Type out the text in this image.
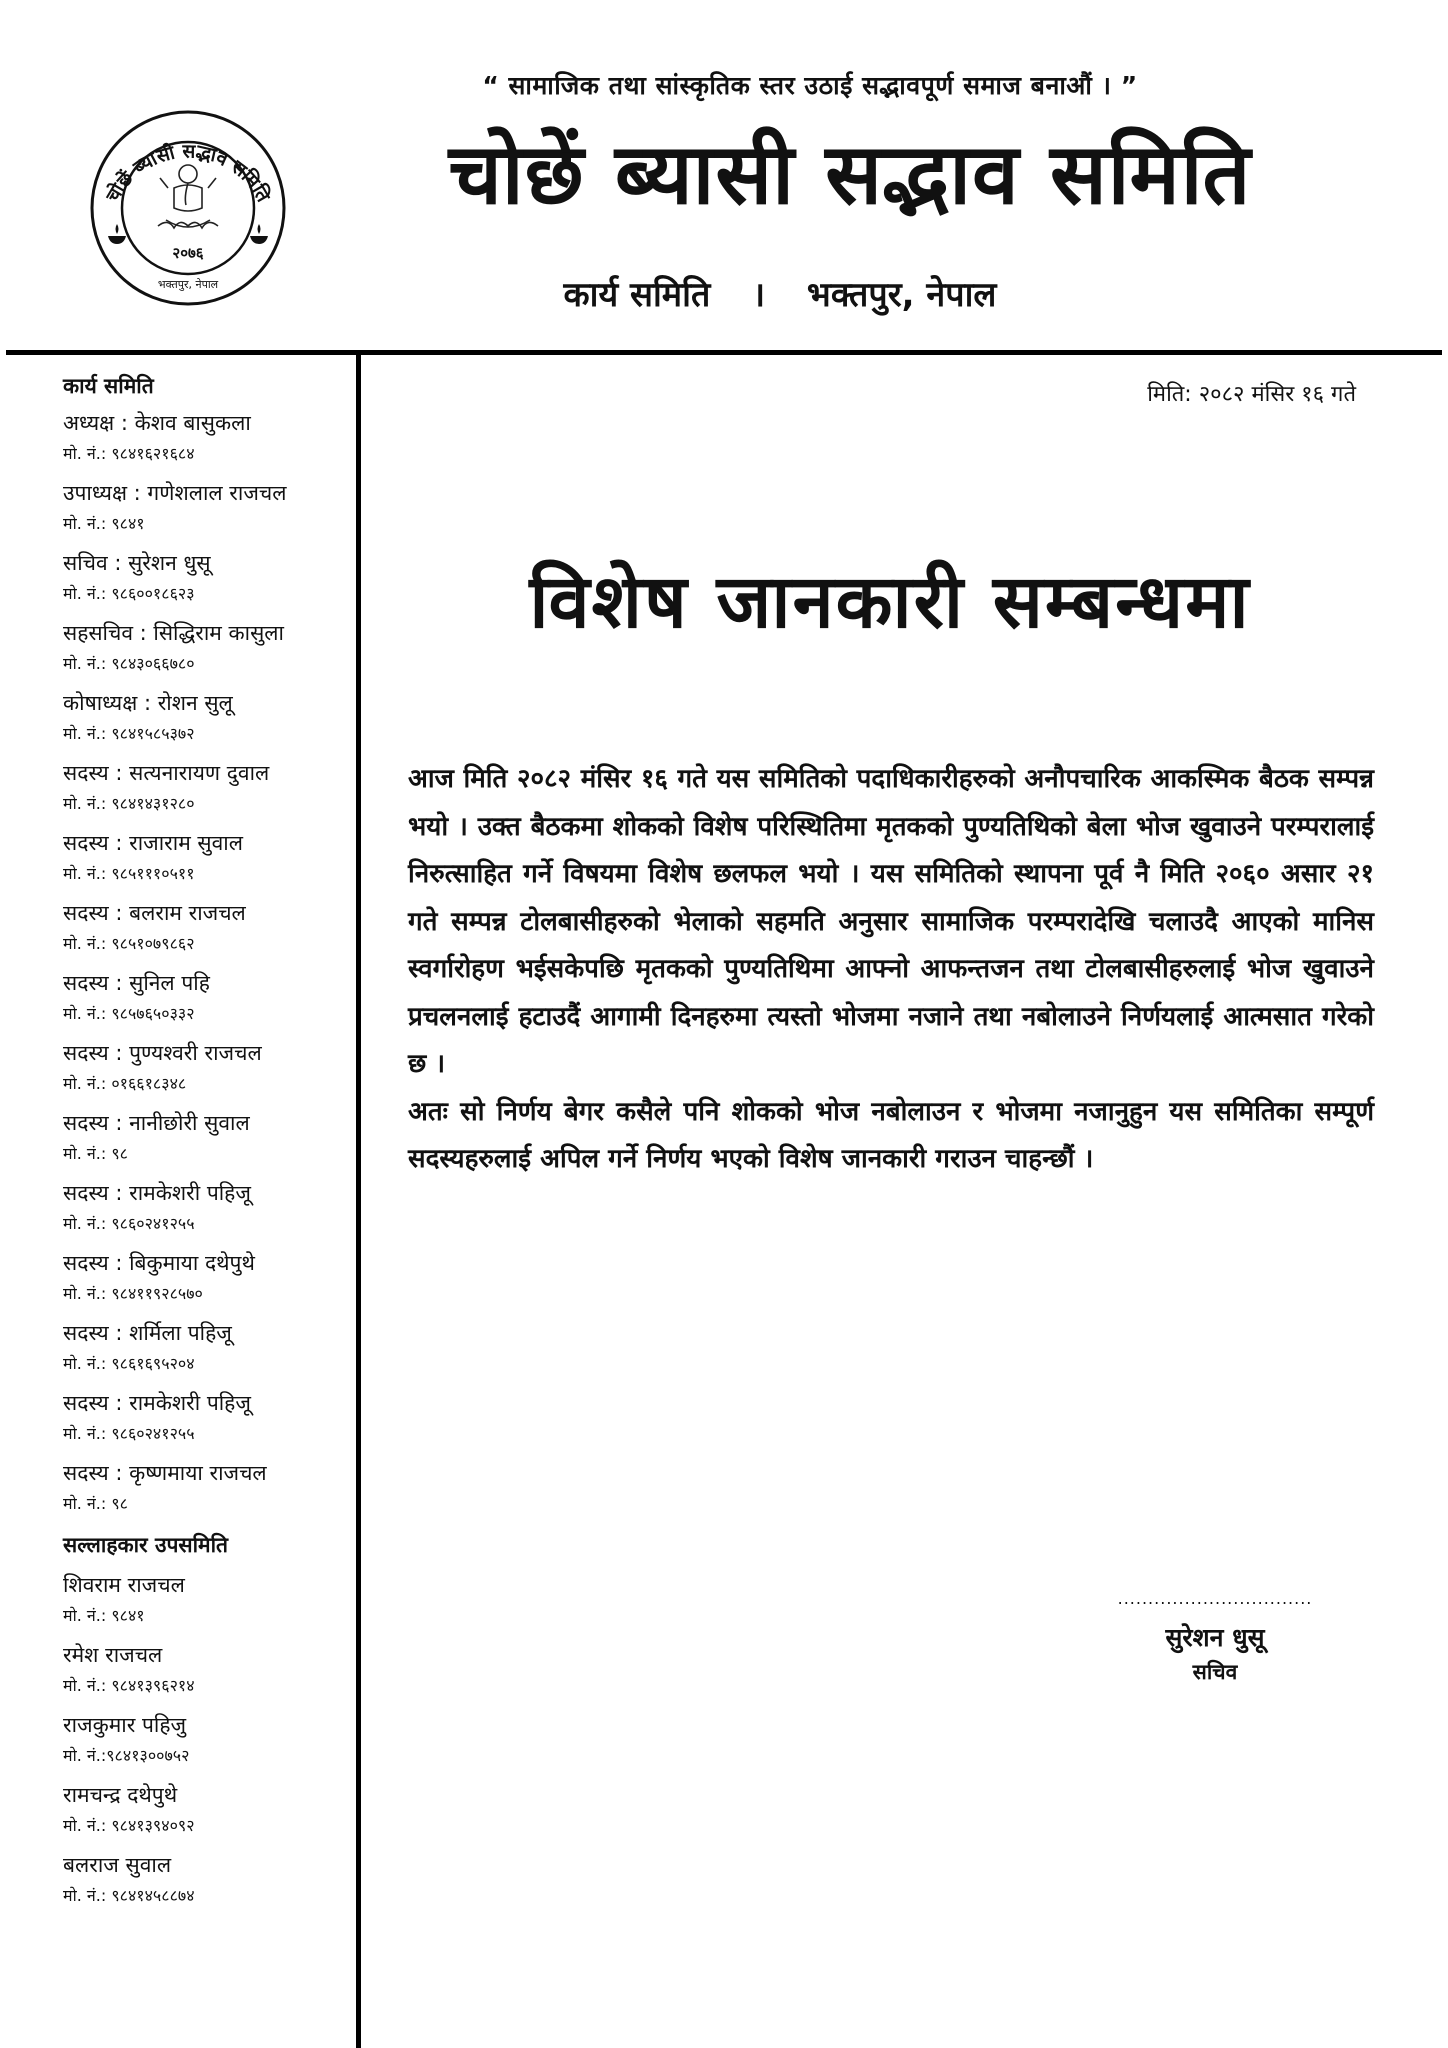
“ सामाजिक तथा सांस्कृतिक स्तर उठाई सद्भावपूर्ण समाज बनाऔं । ”
चोछें ब्यासी सद्भाव समिति
कार्य समिति । भक्तपुर, नेपाल
चोछें ब्यासी सद्भाव समिति
२०७६
भक्तपुर, नेपाल
कार्य समिति
अध्यक्ष : केशव बासुकला
मो. नं.: ९८४१६२१६८४
उपाध्यक्ष : गणेशलाल राजचल
मो. नं.: ९८४१
सचिव : सुरेशन धुसू
मो. नं.: ९८६००१८६२३
सहसचिव : सिद्धिराम कासुला
मो. नं.: ९८४३०६६७८०
कोषाध्यक्ष : रोशन सुलू
मो. नं.: ९८४१५८५३७२
सदस्य : सत्यनारायण दुवाल
मो. नं.: ९८४१४३१२८०
सदस्य : राजाराम सुवाल
मो. नं.: ९८५१११०५११
सदस्य : बलराम राजचल
मो. नं.: ९८५१०७९८६२
सदस्य : सुनिल पहि
मो. नं.: ९८५७६५०३३२
सदस्य : पुण्यश्वरी राजचल
मो. नं.: ०१६६१८३४८
सदस्य : नानीछोरी सुवाल
मो. नं.: ९८
सदस्य : रामकेशरी पहिजू
मो. नं.: ९८६०२४१२५५
सदस्य : बिकुमाया दथेपुथे
मो. नं.: ९८४११९२८५७०
सदस्य : शर्मिला पहिजू
मो. नं.: ९८६१६९५२०४
सदस्य : रामकेशरी पहिजू
मो. नं.: ९८६०२४१२५५
सदस्य : कृष्णमाया राजचल
मो. नं.: ९८
सल्लाहकार उपसमिति
शिवराम राजचल
मो. नं.: ९८४१
रमेश राजचल
मो. नं.: ९८४१३९६२१४
राजकुमार पहिजु
मो. नं.:९८४१३००७५२
रामचन्द्र दथेपुथे
मो. नं.: ९८४१३९४०९२
बलराज सुवाल
मो. नं.: ९८४१४५८८७४
मिति: २०८२ मंसिर १६ गते
विशेष जानकारी सम्बन्धमा

आज मिति २०८२ मंसिर १६ गते यस समितिको पदाधिकारीहरुको अनौपचारिक आकस्मिक बैठक सम्पन्न भयो । उक्त बैठकमा शोकको विशेष परिस्थितिमा मृतकको पुण्यतिथिको बेला भोज खुवाउने परम्परालाई निरुत्साहित गर्ने विषयमा विशेष छलफल भयो । यस समितिको स्थापना पूर्व नै मिति २०६० असार २१ गते सम्पन्न टोलबासीहरुको भेलाको सहमति अनुसार सामाजिक परम्परादेखि चलाउदै आएको मानिस स्वर्गारोहण भईसकेपछि मृतकको पुण्यतिथिमा आफ्नो आफन्तजन तथा टोलबासीहरुलाई भोज खुवाउने प्रचलनलाई हटाउदैं आगामी दिनहरुमा त्यस्तो भोजमा नजाने तथा नबोलाउने निर्णयलाई आत्मसात गरेको छ ।

अतः सो निर्णय बेगर कसैले पनि शोकको भोज नबोलाउन र भोजमा नजानुहुन यस समितिका सम्पूर्ण सदस्यहरुलाई अपिल गर्ने निर्णय भएको विशेष जानकारी गराउन चाहन्छौं ।

................................
सुरेशन धुसू
सचिव
